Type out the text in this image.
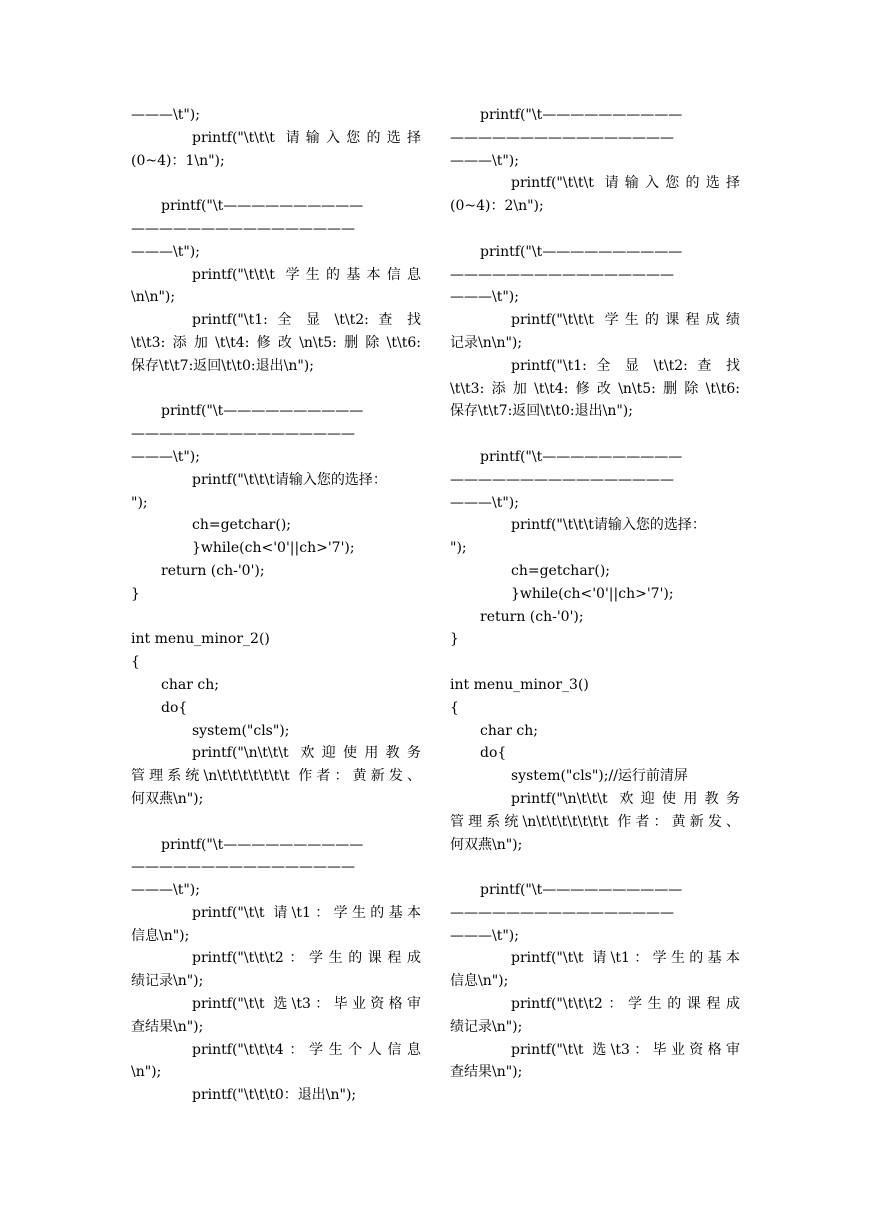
———\t");
printf("\t\t\t 请输入您的选择
(0~4)：1\n");

printf("\t——————————
————————————————
———\t");
printf("\t\t\t 学生的基本信息
\n\n");
printf("\t1: 全 显 \t\t2: 查 找
\t\t3:添加\t\t4:修改\n\t5:删除\t\t6:
保存\t\t7:返回\t\t0:退出\n");

printf("\t——————————
————————————————
———\t");
printf("\t\t\t请输入您的选择：
");
ch=getchar();
}while(ch<'0'||ch>'7');
return (ch-'0');
}

int menu_minor_2()
{
char ch;
do{
system("cls");
printf("\n\t\t\t 欢迎使用教务
管理系统\n\t\t\t\t\t\t\t 作者：黄新发、
何双燕\n");

printf("\t——————————
————————————————
———\t");
printf("\t\t 请\t1：学生的基本
信息\n");
printf("\t\t\t2：学生的课程成
绩记录\n");
printf("\t\t 选\t3：毕业资格审
查结果\n");
printf("\t\t\t4：学生个人信息
\n");
printf("\t\t\t0：退出\n");
printf("\t——————————
————————————————
———\t");
printf("\t\t\t 请输入您的选择
(0~4)：2\n");

printf("\t——————————
————————————————
———\t");
printf("\t\t\t 学生的课程成绩
记录\n\n");
printf("\t1: 全 显 \t\t2: 查 找
\t\t3:添加\t\t4:修改\n\t5:删除\t\t6:
保存\t\t7:返回\t\t0:退出\n");

printf("\t——————————
————————————————
———\t");
printf("\t\t\t请输入您的选择：
");
ch=getchar();
}while(ch<'0'||ch>'7');
return (ch-'0');
}

int menu_minor_3()
{
char ch;
do{
system("cls");//运行前清屏
printf("\n\t\t\t 欢迎使用教务
管理系统\n\t\t\t\t\t\t\t 作者：黄新发、
何双燕\n");

printf("\t——————————
————————————————
———\t");
printf("\t\t 请\t1：学生的基本
信息\n");
printf("\t\t\t2：学生的课程成
绩记录\n");
printf("\t\t 选\t3：毕业资格审
查结果\n");
